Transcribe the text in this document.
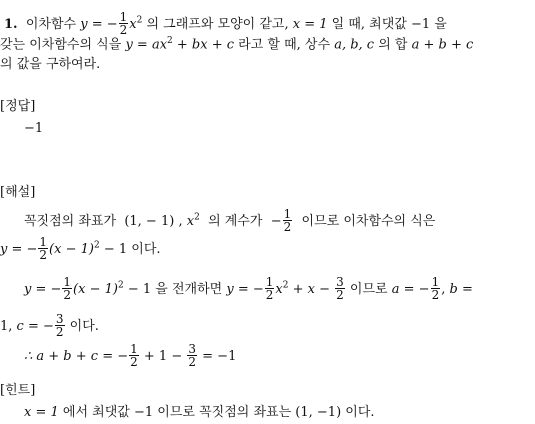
1. 이차함수 y = − $\frac{1}{2} x^2$ 의 그래프와 모양이 같고, x = 1 일 때, 최댓값 −1 을
갖는 이차함수의 식을 $y = ax^2$ + bx + c 라고 할 때, 상수 a, b, c 의 합 a + b + c
의 값을 구하여라.
[정답]
−1
[해설]
꼭짓점의 좌표가 (1, − 1) , $x^2$ 의 계수가 − $\frac{1}{2}$ 이므로 이차함수의 식은
y = − $\frac{1}{2} (x - 1)^2 - 1$ 이다.
y = − $\frac{1}{2} (x - 1)^2 - 1$ 을 전개하면 y = − $\frac{1}{2} x^2 + x - \frac{3}{2}$ 이므로 a = − $\frac{1}{2}$ , b =
1, c = − $\frac{3}{2}$ 이다.
∴ a + b + c = − $\frac{1}{2} + 1 - \frac{3}{2} = -1$
[힌트]
x = 1 에서 최댓값 −1 이므로 꼭짓점의 좌표는 (1, −1) 이다.
